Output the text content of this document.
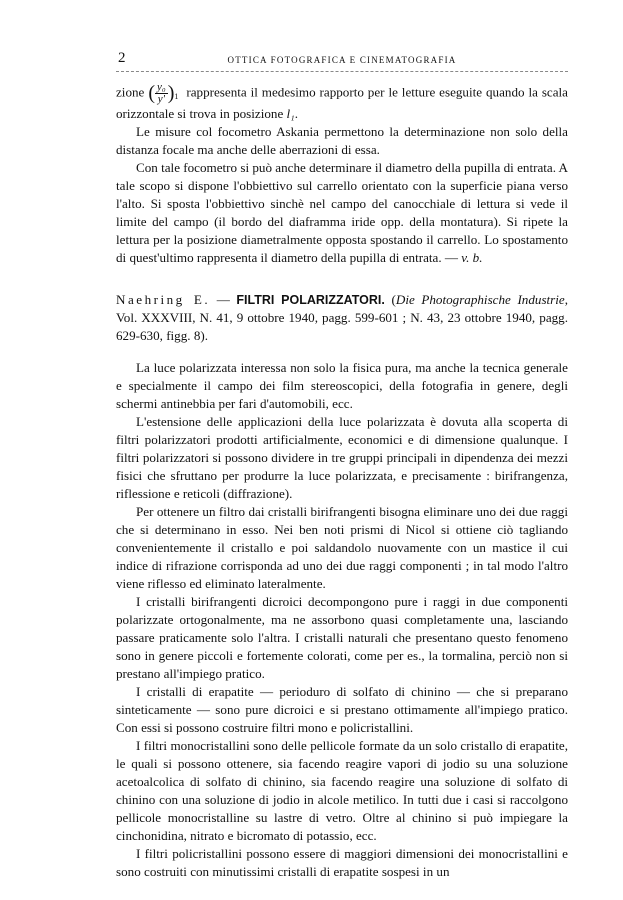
2	OTTICA FOTOGRAFICA E CINEMATOGRAFIA

zione ( $\frac{\text{y₀}}{y'} )_1$ rappresenta il medesimo rapporto per le letture eseguite quando la scala orizzontale si trova in posizione l₁.

Le misure col focometro Askania permettono la determinazione non solo della distanza focale ma anche delle aberrazioni di essa.

Con tale focometro si può anche determinare il diametro della pupilla di entrata. A tale scopo si dispone l'obbiettivo sul carrello orientato con la superficie piana verso l'alto. Si sposta l'obbiettivo sinchè nel campo del canocchiale di lettura si vede il limite del campo (il bordo del diaframma iride opp. della montatura). Si ripete la lettura per la posizione diametralmente opposta spostando il carrello. Lo spostamento di quest'ultimo rappresenta il diametro della pupilla di entrata. — v. b.

Naehring E. — FILTRI POLARIZZATORI. (Die Photographische Industrie, Vol. XXXVIII, N. 41, 9 ottobre 1940, pagg. 599-601 ; N. 43, 23 ottobre 1940, pagg. 629-630, figg. 8).

La luce polarizzata interessa non solo la fisica pura, ma anche la tecnica generale e specialmente il campo dei film stereoscopici, della fotografia in genere, degli schermi antinebbia per fari d'automobili, ecc.

L'estensione delle applicazioni della luce polarizzata è dovuta alla scoperta di filtri polarizzatori prodotti artificialmente, economici e di dimensione qualunque. I filtri polarizzatori si possono dividere in tre gruppi principali in dipendenza dei mezzi fisici che sfruttano per produrre la luce polarizzata, e precisamente : birifrangenza, riflessione e reticoli (diffrazione).

Per ottenere un filtro dai cristalli birifrangenti bisogna eliminare uno dei due raggi che si determinano in esso. Nei ben noti prismi di Nicol si ottiene ciò tagliando convenientemente il cristallo e poi saldandolo nuovamente con un mastice il cui indice di rifrazione corrisponda ad uno dei due raggi componenti ; in tal modo l'altro viene riflesso ed eliminato lateralmente.

I cristalli birifrangenti dicroici decompongono pure i raggi in due componenti polarizzate ortogonalmente, ma ne assorbono quasi completamente una, lasciando passare praticamente solo l'altra. I cristalli naturali che presentano questo fenomeno sono in genere piccoli e fortemente colorati, come per es., la tormalina, perciò non si prestano all'impiego pratico.

I cristalli di erapatite — perioduro di solfato di chinino — che si preparano sinteticamente — sono pure dicroici e si prestano ottimamente all'impiego pratico. Con essi si possono costruire filtri mono e policristallini.

I filtri monocristallini sono delle pellicole formate da un solo cristallo di erapatite, le quali si possono ottenere, sia facendo reagire vapori di jodio su una soluzione acetoalcolica di solfato di chinino, sia facendo reagire una soluzione di solfato di chinino con una soluzione di jodio in alcole metilico. In tutti due i casi si raccolgono pellicole monocristalline su lastre di vetro. Oltre al chinino si può impiegare la cinchonidina, nitrato e bicromato di potassio, ecc.

I filtri policristallini possono essere di maggiori dimensioni dei monocristallini e sono costruiti con minutissimi cristalli di erapatite sospesi in un
